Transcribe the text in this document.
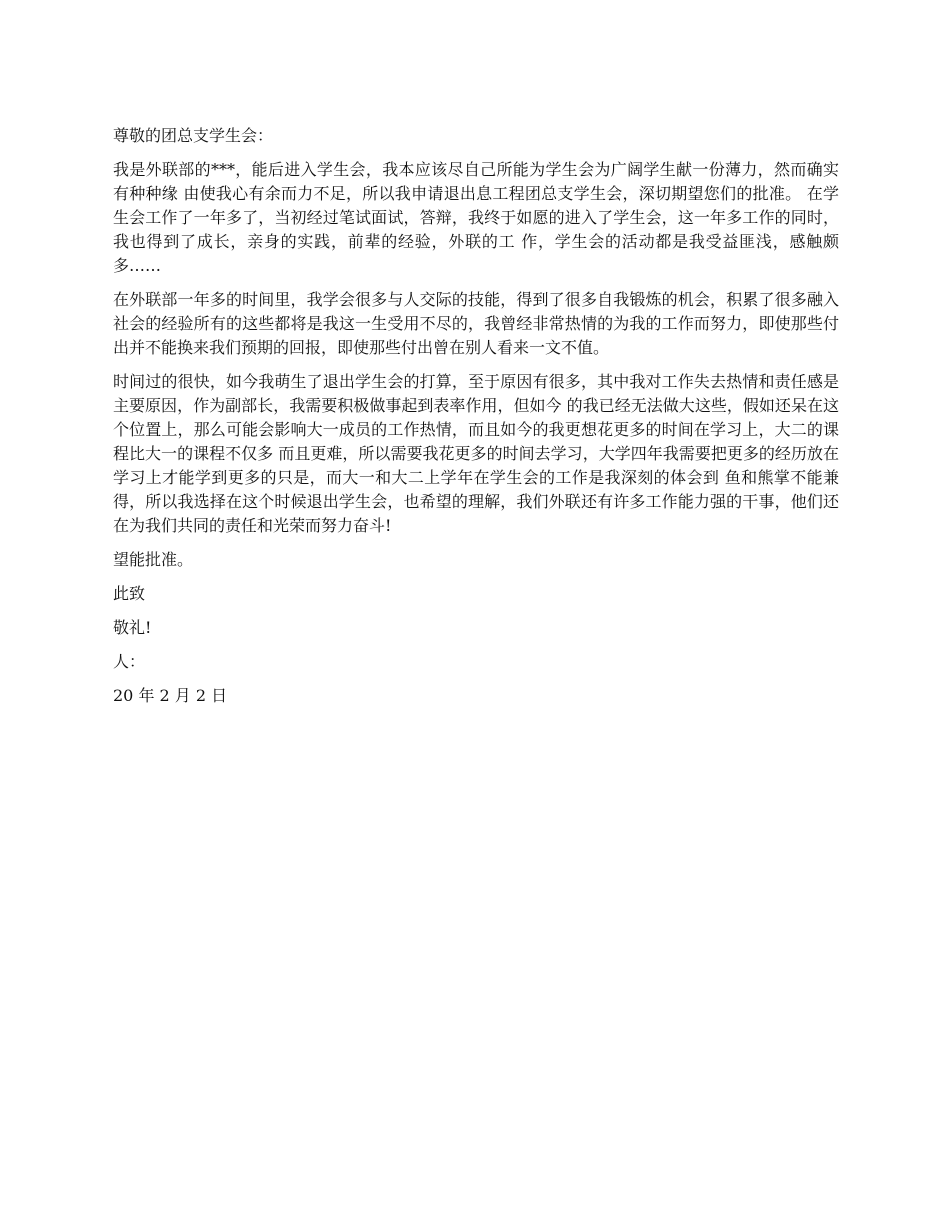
尊敬的团总支学生会：

我是外联部的***，能后进入学生会，我本应该尽自己所能为学生会为广阔学生献一份薄力，然而确实有种种缘 由使我心有余而力不足，所以我申请退出息工程团总支学生会，深切期望您们的批准。 在学生会工作了一年多了，当初经过笔试面试，答辩，我终于如愿的进入了学生会，这一年多工作的同时，我也得到了成长，亲身的实践，前辈的经验，外联的工 作，学生会的活动都是我受益匪浅，感触颇多……

在外联部一年多的时间里，我学会很多与人交际的技能，得到了很多自我锻炼的机会，积累了很多融入社会的经验所有的这些都将是我这一生受用不尽的，我曾经非常热情的为我的工作而努力，即使那些付出并不能换来我们预期的回报，即使那些付出曾在别人看来一文不值。

时间过的很快，如今我萌生了退出学生会的打算，至于原因有很多，其中我对工作失去热情和责任感是主要原因，作为副部长，我需要积极做事起到表率作用，但如今 的我已经无法做大这些，假如还呆在这个位置上，那么可能会影响大一成员的工作热情，而且如今的我更想花更多的时间在学习上，大二的课程比大一的课程不仅多 而且更难，所以需要我花更多的时间去学习，大学四年我需要把更多的经历放在学习上才能学到更多的只是，而大一和大二上学年在学生会的工作是我深刻的体会到 鱼和熊掌不能兼得，所以我选择在这个时候退出学生会，也希望的理解，我们外联还有许多工作能力强的干事，他们还在为我们共同的责任和光荣而努力奋斗!

望能批准。

此致

敬礼!

人：

20 年 2 月 2 日
